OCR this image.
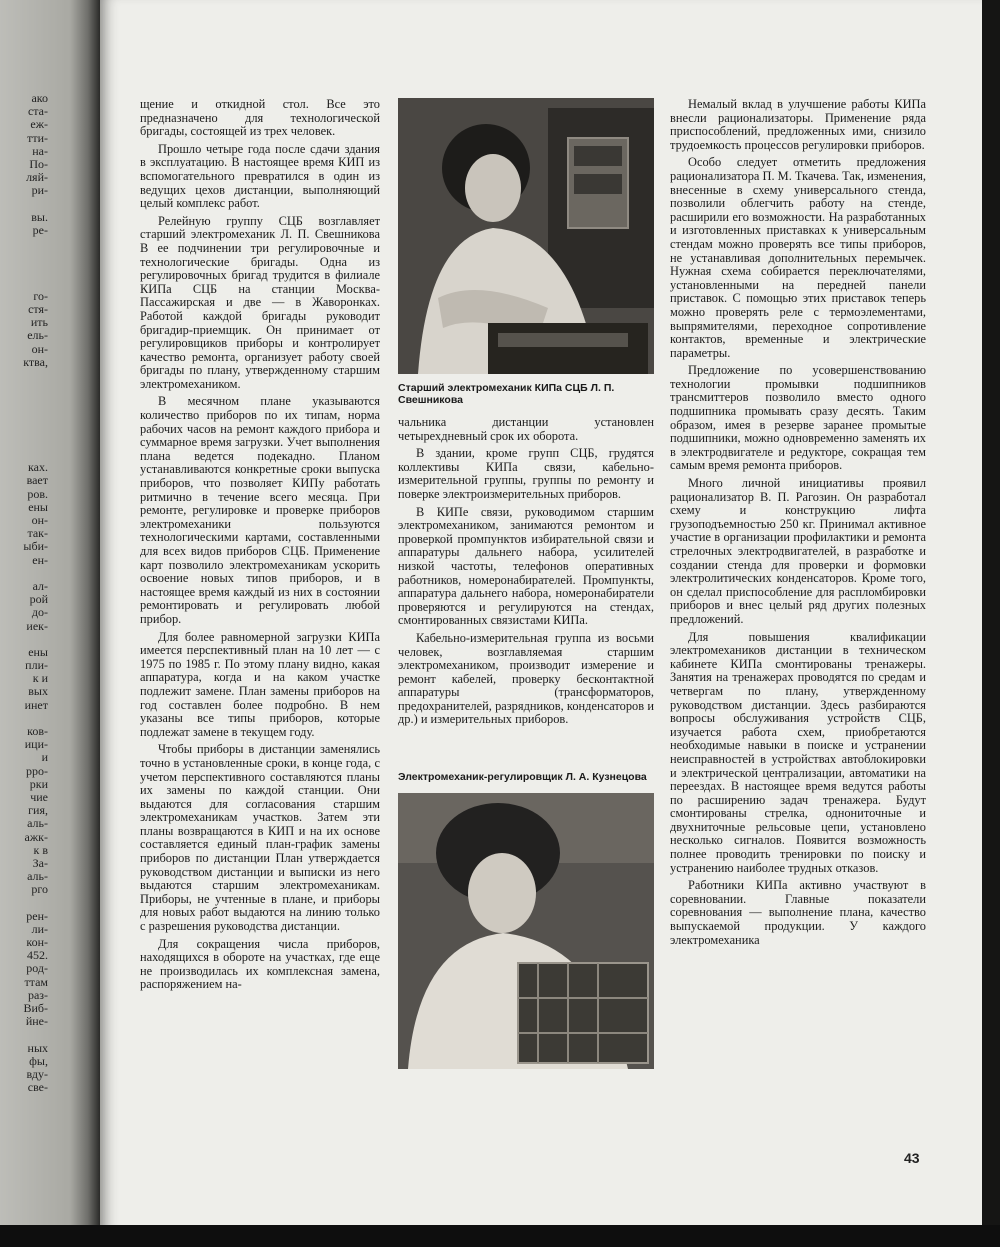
ако
ста-
еж-
тти-
на-
По-
ляй-
ри-
вы.
ре-
го-
стя-
ить
ель-
он-
ктва,
ках.
вает
ров.
ены
он-
так-
ыби-
ен-
ал-
рой
до-
иек-
ены
пли-
к и
вых
инет
ков-
ици-
и
рро-
рки
чие
гия,
аль-
ажк-
к в
За-
аль-
рго
рен-
ли-
кон-
452.
род-
ттам
раз-
Виб-
йне-
ных
фы,
вду-
све-

щение и откидной стол. Все это предназначено для технологической бригады, состоящей из трех человек.

Прошло четыре года после сдачи здания в эксплуатацию. В настоящее время КИП из вспомогательного превратился в один из ведущих цехов дистанции, выполняющий целый комплекс работ.

Релейную группу СЦБ возглавляет старший электромеханик Л. П. Свешникова В ее подчинении три регулировочные и технологические бригады. Одна из регулировочных бригад трудится в филиале КИПа СЦБ на станции Москва-Пассажирская и две — в Жаворонках. Работой каждой бригады руководит бригадир-приемщик. Он принимает от регулировщиков приборы и контролирует качество ремонта, организует работу своей бригады по плану, утвержденному старшим электромехаником.

В месячном плане указываются количество приборов по их типам, норма рабочих часов на ремонт каждого прибора и суммарное время загрузки. Учет выполнения плана ведется подекадно. Планом устанавливаются конкретные сроки выпуска приборов, что позволяет КИПу работать ритмично в течение всего месяца. При ремонте, регулировке и проверке приборов электромеханики пользуются технологическими картами, составленными для всех видов приборов СЦБ. Применение карт позволило электромеханикам ускорить освоение новых типов приборов, и в настоящее время каждый из них в состоянии ремонтировать и регулировать любой прибор.

Для более равномерной загрузки КИПа имеется перспективный план на 10 лет — с 1975 по 1985 г. По этому плану видно, какая аппаратура, когда и на каком участке подлежит замене. План замены приборов на год составлен более подробно. В нем указаны все типы приборов, которые подлежат замене в текущем году.

Чтобы приборы в дистанции заменялись точно в установленные сроки, в конце года, с учетом перспективного составляются планы их замены по каждой станции. Они выдаются для согласования старшим электромеханикам участков. Затем эти планы возвращаются в КИП и на их основе составляется единый план-график замены приборов по дистанции План утверждается руководством дистанции и выписки из него выдаются старшим электромеханикам. Приборы, не учтенные в плане, и приборы для новых работ выдаются на линию только с разрешения руководства дистанции.

Для сокращения числа приборов, находящихся в обороте на участках, где еще не производилась их комплексная замена, распоряжением на-

Старший электромеханик КИПа СЦБ Л. П. Свешникова

чальника дистанции установлен четырехдневный срок их оборота.

В здании, кроме групп СЦБ, грудятся коллективы КИПа связи, кабельно-измерительной группы, группы по ремонту и поверке электроизмерительных приборов.

В КИПе связи, руководимом старшим электромехаником, занимаются ремонтом и проверкой промпунктов избирательной связи и аппаратуры дальнего набора, усилителей низкой частоты, телефонов оперативных работников, номеронабирателей. Промпункты, аппаратура дальнего набора, номеронабиратели проверяются и регулируются на стендах, смонтированных связистами КИПа.

Кабельно-измерительная группа из восьми человек, возглавляемая старшим электромехаником, производит измерение и ремонт кабелей, проверку бесконтактной аппаратуры (трансформаторов, предохранителей, разрядников, конденсаторов и др.) и измерительных приборов.

Электромеханик-регулировщик Л. А. Кузнецова

Немалый вклад в улучшение работы КИПа внесли рационализаторы. Применение ряда приспособлений, предложенных ими, снизило трудоемкость процессов регулировки приборов.

Особо следует отметить предложения рационализатора П. М. Ткачева. Так, изменения, внесенные в схему универсального стенда, позволили облегчить работу на стенде, расширили его возможности. На разработанных и изготовленных приставках к универсальным стендам можно проверять все типы приборов, не устанавливая дополнительных перемычек. Нужная схема собирается переключателями, установленными на передней панели приставок. С помощью этих приставок теперь можно проверять реле с термоэлементами, выпрямителями, переходное сопротивление контактов, временные и электрические параметры.

Предложение по усовершенствованию технологии промывки подшипников трансмиттеров позволило вместо одного подшипника промывать сразу десять. Таким образом, имея в резерве заранее промытые подшипники, можно одновременно заменять их в электродвигателе и редукторе, сокращая тем самым время ремонта приборов.

Много личной инициативы проявил рационализатор В. П. Рагозин. Он разработал схему и конструкцию лифта грузоподъемностью 250 кг. Принимал активное участие в организации профилактики и ремонта стрелочных электродвигателей, в разработке и создании стенда для проверки и формовки электролитических конденсаторов. Кроме того, он сделал приспособление для распломбировки приборов и внес целый ряд других полезных предложений.

Для повышения квалификации электромехаников дистанции в техническом кабинете КИПа смонтированы тренажеры. Занятия на тренажерах проводятся по средам и четвергам по плану, утвержденному руководством дистанции. Здесь разбираются вопросы обслуживания устройств СЦБ, изучается работа схем, приобретаются необходимые навыки в поиске и устранении неисправностей в устройствах автоблокировки и электрической централизации, автоматики на переездах. В настоящее время ведутся работы по расширению задач тренажера. Будут смонтированы стрелка, однониточные и двухниточные рельсовые цепи, установлено несколько сигналов. Появится возможность полнее проводить тренировки по поиску и устранению наиболее трудных отказов.

Работники КИПа активно участвуют в соревновании. Главные показатели соревнования — выполнение плана, качество выпускаемой продукции. У каждого электромеханика

43
